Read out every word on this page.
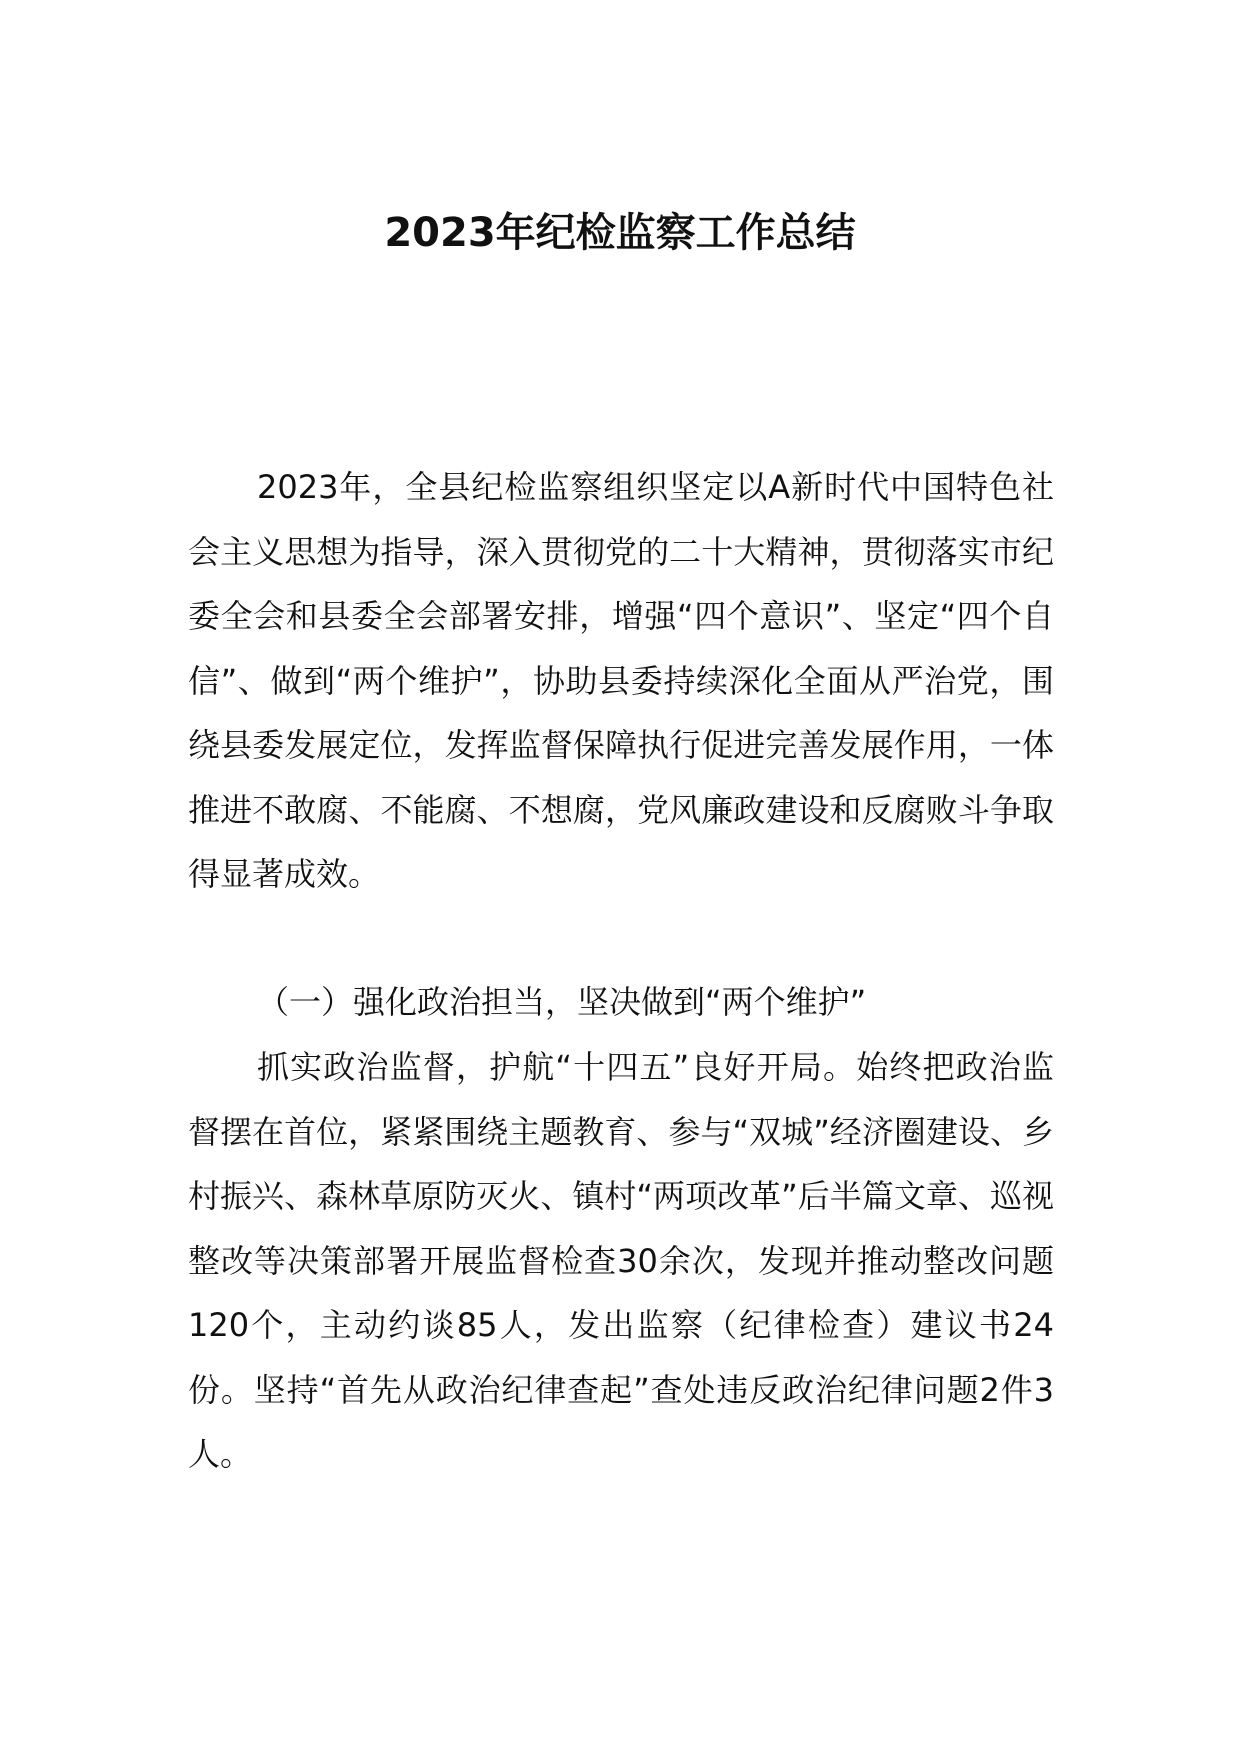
2023年纪检监察工作总结

2023年，全县纪检监察组织坚定以A新时代中国特色社会主义思想为指导，深入贯彻党的二十大精神，贯彻落实市纪委全会和县委全会部署安排，增强“四个意识”、坚定“四个自信”、做到“两个维护”，协助县委持续深化全面从严治党，围绕县委发展定位，发挥监督保障执行促进完善发展作用，一体推进不敢腐、不能腐、不想腐，党风廉政建设和反腐败斗争取得显著成效。

（一）强化政治担当，坚决做到“两个维护”

抓实政治监督，护航“十四五”良好开局。始终把政治监督摆在首位，紧紧围绕主题教育、参与“双城”经济圈建设、乡村振兴、森林草原防灭火、镇村“两项改革”后半篇文章、巡视整改等决策部署开展监督检查30余次，发现并推动整改问题120个，主动约谈85人，发出监察（纪律检查）建议书24份。坚持“首先从政治纪律查起”查处违反政治纪律问题2件3人。
